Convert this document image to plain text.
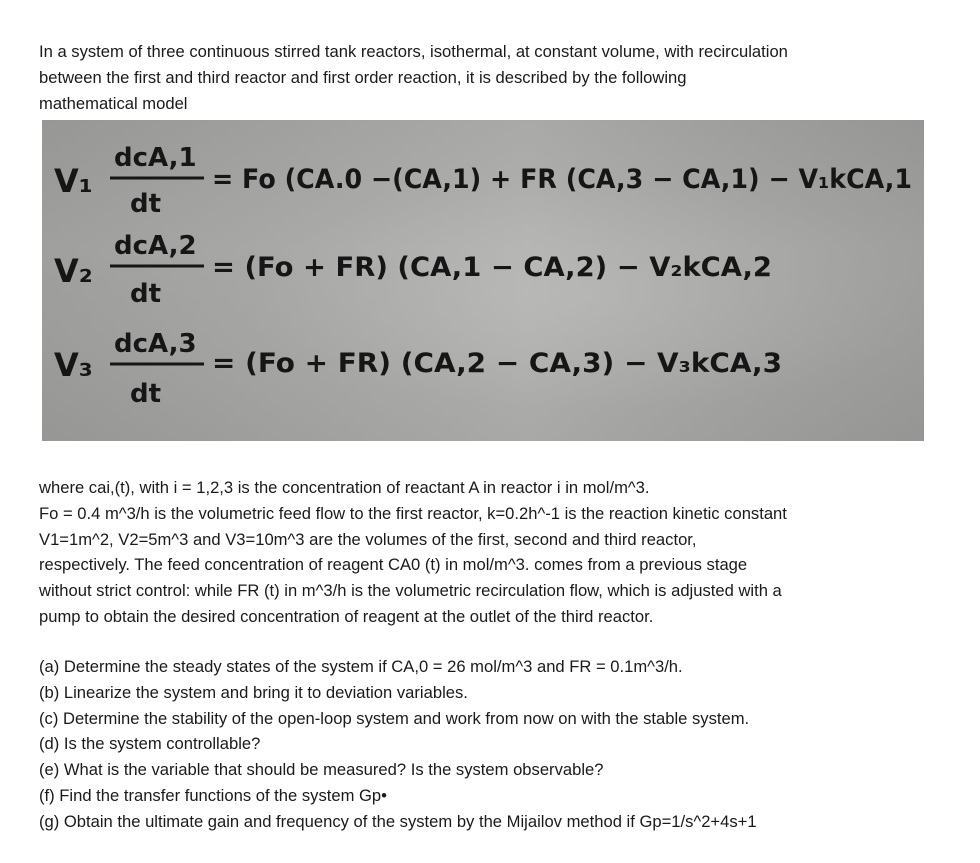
In a system of three continuous stirred tank reactors, isothermal, at constant volume, with recirculation
between the first and third reactor and first order reaction, it is described by the following
mathematical model

V₁
dcA,1
dt
= Fo (CA.0 −(CA,1) + FR (CA,3 − CA,1) − V₁kCA,1
V₂
dcA,2
dt
= (Fo + FR) (CA,1 − CA,2) − V₂kCA,2
V₃
dcA,3
dt
= (Fo + FR) (CA,2 − CA,3) − V₃kCA,3

where cai,(t), with i = 1,2,3 is the concentration of reactant A in reactor i in mol/m^3.
Fo = 0.4 m^3/h is the volumetric feed flow to the first reactor, k=0.2h^-1 is the reaction kinetic constant
V1=1m^2, V2=5m^3 and V3=10m^3 are the volumes of the first, second and third reactor,
respectively. The feed concentration of reagent CA0 (t) in mol/m^3. comes from a previous stage
without strict control: while FR (t) in m^3/h is the volumetric recirculation flow, which is adjusted with a
pump to obtain the desired concentration of reagent at the outlet of the third reactor.

(a) Determine the steady states of the system if CA,0 = 26 mol/m^3 and FR = 0.1m^3/h.
(b) Linearize the system and bring it to deviation variables.
(c) Determine the stability of the open-loop system and work from now on with the stable system.
(d) Is the system controllable?
(e) What is the variable that should be measured? Is the system observable?
(f) Find the transfer functions of the system Gp•
(g) Obtain the ultimate gain and frequency of the system by the Mijailov method if Gp=1/s^2+4s+1
